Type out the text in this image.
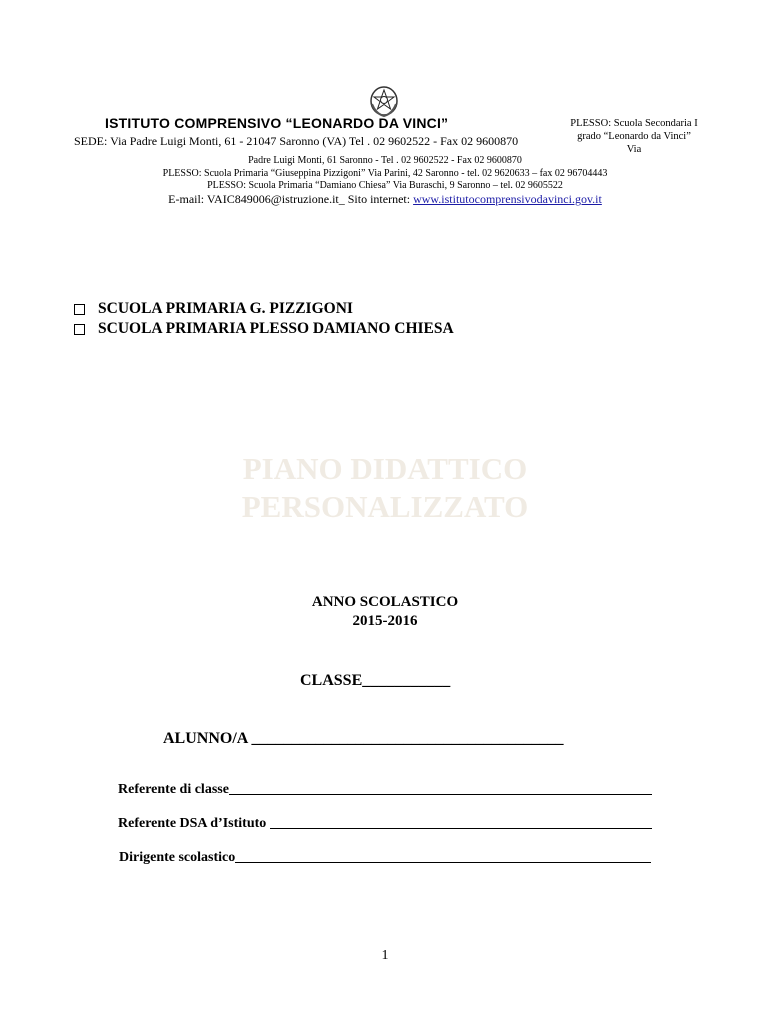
ISTITUTO COMPRENSIVO “LEONARDO DA VINCI”
SEDE: Via Padre Luigi Monti, 61 - 21047 Saronno (VA) Tel . 02 9602522 - Fax 02 9600870
PLESSO: Scuola Secondaria I grado “Leonardo da Vinci” Via
Padre Luigi Monti, 61 Saronno - Tel . 02 9602522 - Fax 02 9600870
PLESSO: Scuola Primaria “Giuseppina Pizzigoni” Via Parini, 42 Saronno - tel. 02 9620633 – fax 02 96704443
PLESSO: Scuola Primaria “Damiano Chiesa” Via Buraschi, 9 Saronno – tel. 02 9605522
E-mail: VAIC849006@istruzione.it_ Sito internet: www.istitutocomprensivodavinci.gov.it
SCUOLA PRIMARIA G. PIZZIGONI
SCUOLA PRIMARIA PLESSO DAMIANO CHIESA
PIANO DIDATTICO
PERSONALIZZATO
ANNO SCOLASTICO
2015-2016
CLASSE___________
ALUNNO/A _______________________________________
Referente di classe
Referente DSA d’Istituto
Dirigente scolastico
1
